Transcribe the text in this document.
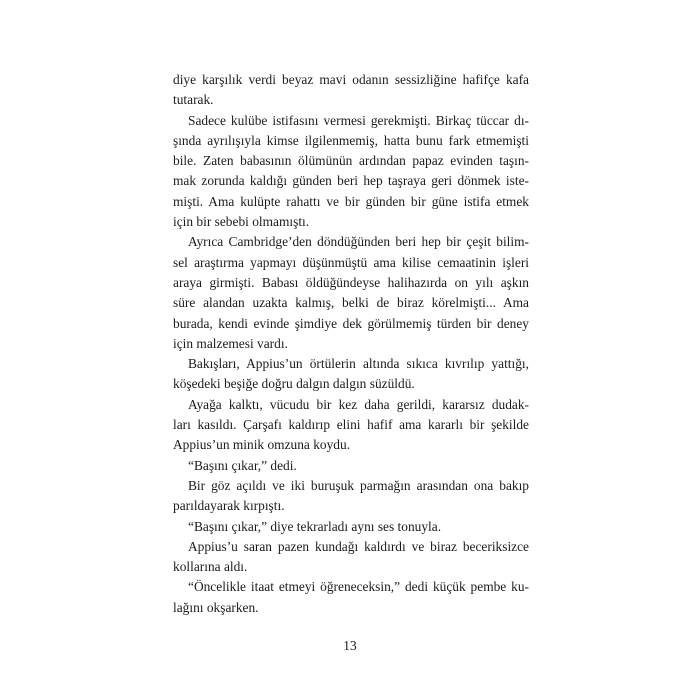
diye karşılık verdi beyaz mavi odanın sessizliğine hafifçe kafa
tutarak.
Sadece kulübe istifasını vermesi gerekmişti. Birkaç tüccar dı-
şında ayrılışıyla kimse ilgilenmemiş, hatta bunu fark etmemişti
bile. Zaten babasının ölümünün ardından papaz evinden taşın-
mak zorunda kaldığı günden beri hep taşraya geri dönmek iste-
mişti. Ama kulüpte rahattı ve bir günden bir güne istifa etmek
için bir sebebi olmamıştı.
Ayrıca Cambridge’den döndüğünden beri hep bir çeşit bilim-
sel araştırma yapmayı düşünmüştü ama kilise cemaatinin işleri
araya girmişti. Babası öldüğündeyse halihazırda on yılı aşkın
süre alandan uzakta kalmış, belki de biraz körelmişti... Ama
burada, kendi evinde şimdiye dek görülmemiş türden bir deney
için malzemesi vardı.
Bakışları, Appius’un örtülerin altında sıkıca kıvrılıp yattığı,
köşedeki beşiğe doğru dalgın dalgın süzüldü.
Ayağa kalktı, vücudu bir kez daha gerildi, kararsız dudak-
ları kasıldı. Çarşafı kaldırıp elini hafif ama kararlı bir şekilde
Appius’un minik omzuna koydu.
“Başını çıkar,” dedi.
Bir göz açıldı ve iki buruşuk parmağın arasından ona bakıp
parıldayarak kırpıştı.
“Başını çıkar,” diye tekrarladı aynı ses tonuyla.
Appius’u saran pazen kundağı kaldırdı ve biraz beceriksizce
kollarına aldı.
“Öncelikle itaat etmeyi öğreneceksin,” dedi küçük pembe ku-
lağını okşarken.
13
